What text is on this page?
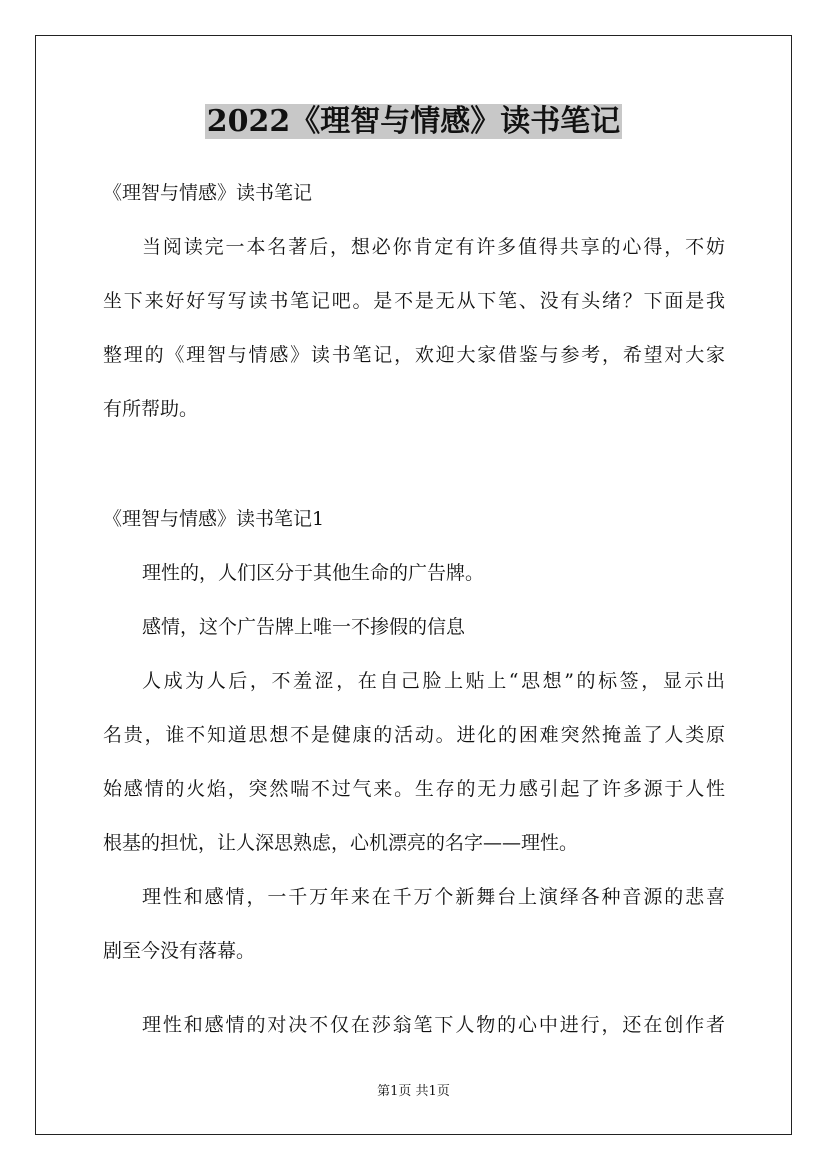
2022《理智与情感》读书笔记
《理智与情感》读书笔记
当阅读完一本名著后，想必你肯定有许多值得共享的心得，不妨
坐下来好好写写读书笔记吧。是不是无从下笔、没有头绪？下面是我
整理的《理智与情感》读书笔记，欢迎大家借鉴与参考，希望对大家
有所帮助。
《理智与情感》读书笔记1
理性的，人们区分于其他生命的广告牌。
感情，这个广告牌上唯一不掺假的信息
人成为人后，不羞涩，在自己脸上贴上“思想”的标签，显示出
名贵，谁不知道思想不是健康的活动。进化的困难突然掩盖了人类原
始感情的火焰，突然喘不过气来。生存的无力感引起了许多源于人性
根基的担忧，让人深思熟虑，心机漂亮的名字——理性。
理性和感情，一千万年来在千万个新舞台上演绎各种音源的悲喜
剧至今没有落幕。
理性和感情的对决不仅在莎翁笔下人物的心中进行，还在创作者
第1页 共1页
